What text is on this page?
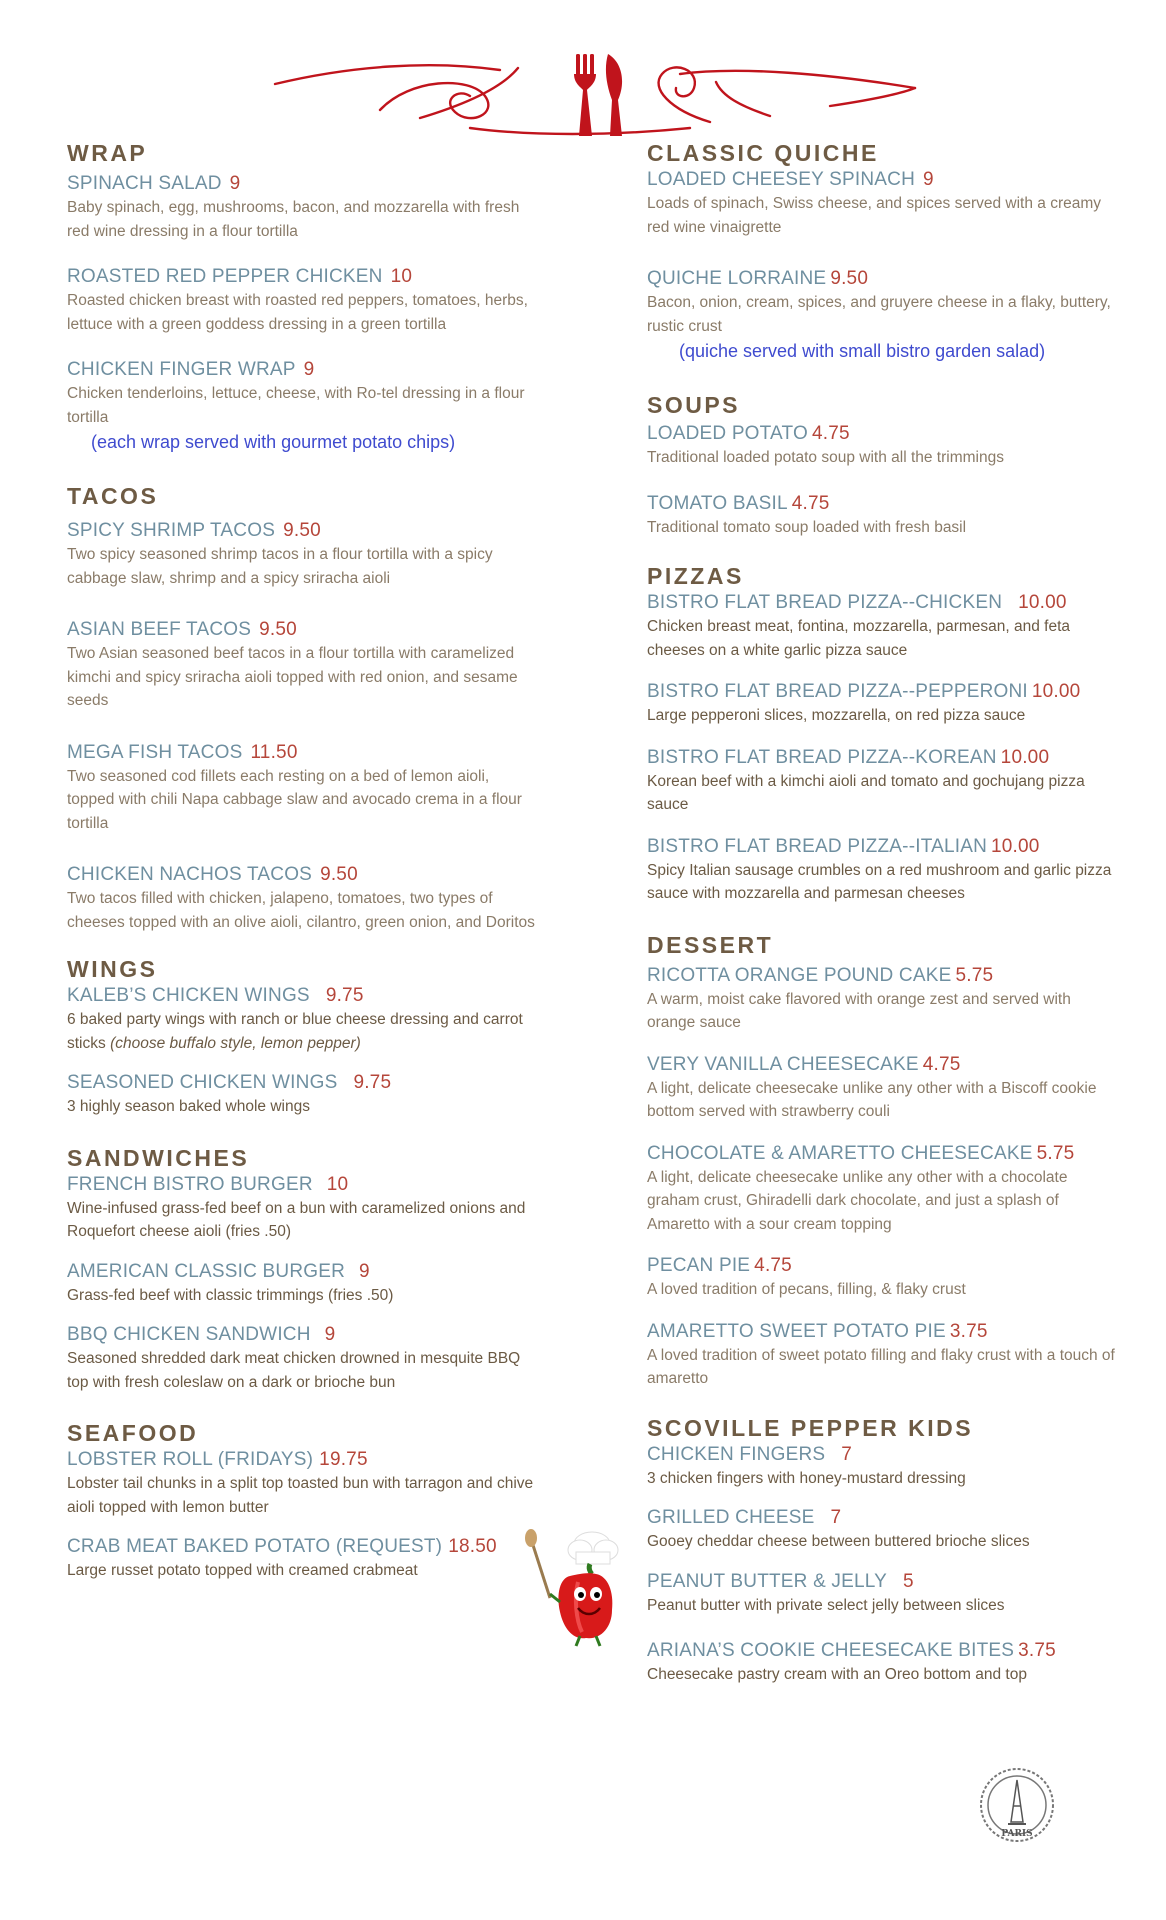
WRAP
SPINACH SALAD 9
Baby spinach, egg, mushrooms, bacon, and mozzarella with fresh red wine dressing in a flour tortilla
ROASTED RED PEPPER CHICKEN 10
Roasted chicken breast with roasted red peppers, tomatoes, herbs, lettuce with a green goddess dressing in a green tortilla
CHICKEN FINGER WRAP 9
Chicken tenderloins, lettuce, cheese, with Ro-tel dressing in a flour tortilla
(each wrap served with gourmet potato chips)
TACOS
SPICY SHRIMP TACOS 9.50
Two spicy seasoned shrimp tacos in a flour tortilla with a spicy cabbage slaw, shrimp and a spicy sriracha aioli
ASIAN BEEF TACOS 9.50
Two Asian seasoned beef tacos in a flour tortilla with caramelized kimchi and spicy sriracha aioli topped with red onion, and sesame seeds
MEGA FISH TACOS 11.50
Two seasoned cod fillets each resting on a bed of lemon aioli, topped with chili Napa cabbage slaw and avocado crema in a flour tortilla
CHICKEN NACHOS TACOS 9.50
Two tacos filled with chicken, jalapeno, tomatoes, two types of cheeses topped with an olive aioli, cilantro, green onion, and Doritos
WINGS
KALEB’S CHICKEN WINGS 9.75
6 baked party wings with ranch or blue cheese dressing and carrot sticks (choose buffalo style, lemon pepper)
SEASONED CHICKEN WINGS 9.75
3 highly season baked whole wings
SANDWICHES
FRENCH BISTRO BURGER 10
Wine-infused grass-fed beef on a bun with caramelized onions and Roquefort cheese aioli (fries .50)
AMERICAN CLASSIC BURGER 9
Grass-fed beef with classic trimmings (fries .50)
BBQ CHICKEN SANDWICH 9
Seasoned shredded dark meat chicken drowned in mesquite BBQ top with fresh coleslaw on a dark or brioche bun
SEAFOOD
LOBSTER ROLL (FRIDAYS) 19.75
Lobster tail chunks in a split top toasted bun with tarragon and chive aioli topped with lemon butter
CRAB MEAT BAKED POTATO (REQUEST) 18.50
Large russet potato topped with creamed crabmeat
CLASSIC QUICHE
LOADED CHEESEY SPINACH 9
Loads of spinach, Swiss cheese, and spices served with a creamy red wine vinaigrette
QUICHE LORRAINE 9.50
Bacon, onion, cream, spices, and gruyere cheese in a flaky, buttery, rustic crust
(quiche served with small bistro garden salad)
SOUPS
LOADED POTATO 4.75
Traditional loaded potato soup with all the trimmings
TOMATO BASIL 4.75
Traditional tomato soup loaded with fresh basil
PIZZAS
BISTRO FLAT BREAD PIZZA--CHICKEN 10.00
Chicken breast meat, fontina, mozzarella, parmesan, and feta cheeses on a white garlic pizza sauce
BISTRO FLAT BREAD PIZZA--PEPPERONI 10.00
Large pepperoni slices, mozzarella, on red pizza sauce
BISTRO FLAT BREAD PIZZA--KOREAN 10.00
Korean beef with a kimchi aioli and tomato and gochujang pizza sauce
BISTRO FLAT BREAD PIZZA--ITALIAN 10.00
Spicy Italian sausage crumbles on a red mushroom and garlic pizza sauce with mozzarella and parmesan cheeses
DESSERT
RICOTTA ORANGE POUND CAKE 5.75
A warm, moist cake flavored with orange zest and served with orange sauce
VERY VANILLA CHEESECAKE 4.75
A light, delicate cheesecake unlike any other with a Biscoff cookie bottom served with strawberry couli
CHOCOLATE & AMARETTO CHEESECAKE 5.75
A light, delicate cheesecake unlike any other with a chocolate graham crust, Ghiradelli dark chocolate, and just a splash of Amaretto with a sour cream topping
PECAN PIE 4.75
A loved tradition of pecans, filling, & flaky crust
AMARETTO SWEET POTATO PIE 3.75
A loved tradition of sweet potato filling and flaky crust with a touch of amaretto
SCOVILLE PEPPER KIDS
CHICKEN FINGERS 7
3 chicken fingers with honey-mustard dressing
GRILLED CHEESE 7
Gooey cheddar cheese between buttered brioche slices
PEANUT BUTTER & JELLY 5
Peanut butter with private select jelly between slices
ARIANA’S COOKIE CHEESECAKE BITES 3.75
Cheesecake pastry cream with an Oreo bottom and top
PARIS
